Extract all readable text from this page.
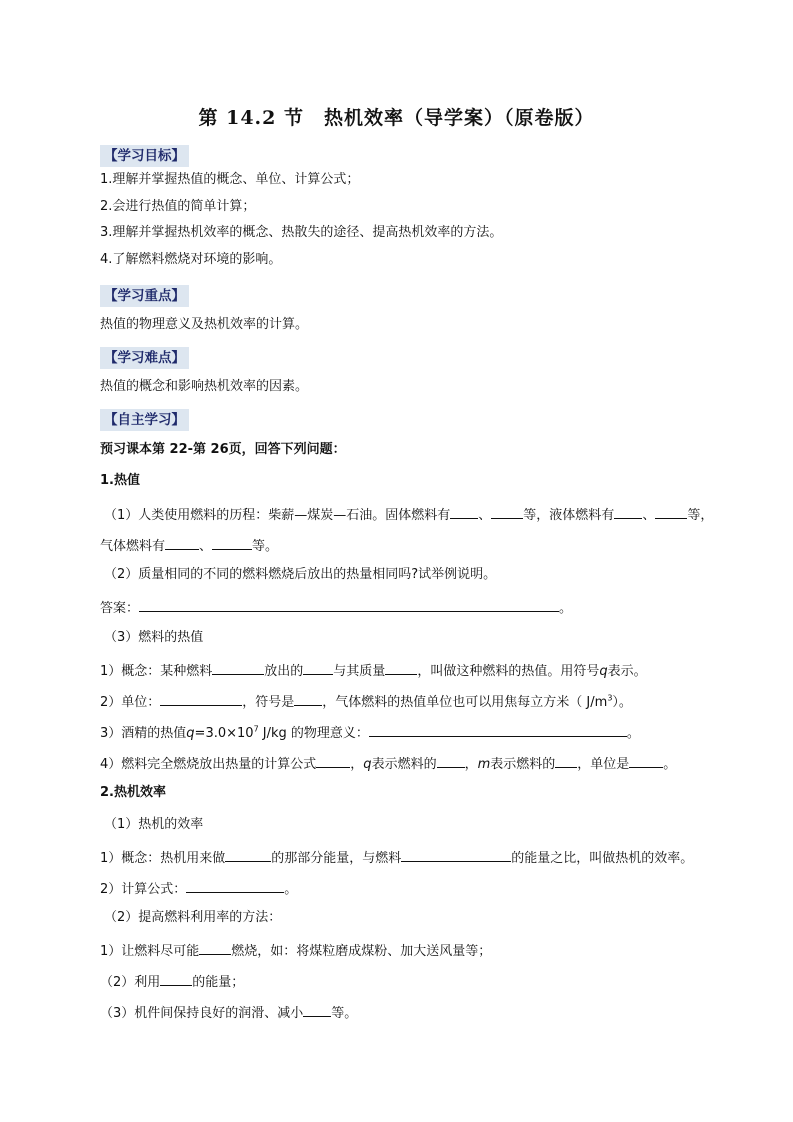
第 14.2 节　热机效率（导学案）（原卷版）
【学习目标】
1.理解并掌握热值的概念、单位、计算公式；
2.会进行热值的简单计算；
3.理解并掌握热机效率的概念、热散失的途径、提高热机效率的方法。
4.了解燃料燃烧对环境的影响。
【学习重点】
热值的物理意义及热机效率的计算。
【学习难点】
热值的概念和影响热机效率的因素。
【自主学习】
预习课本第 22-第 26页，回答下列问题：
1.热值
（1）人类使用燃料的历程：柴薪—煤炭—石油。固体燃料有 、 等，液体燃料有 、 等，
气体燃料有	、	等。
（2）质量相同的不同的燃料燃烧后放出的热量相同吗?试举例说明。
答案：	。
（3）燃料的热值
1）概念：某种燃料	放出的 与其质量 ，叫做这种燃料的热值。用符号q表示。
2）单位：	，符号是 ，气体燃料的热值单位也可以用焦每立方米（ $J/m^3$）。
3）酒精的热值$q=3.0\times 10^7$ J/kg 的物理意义：	。
4）燃料完全燃烧放出热量的计算公式	，q表示燃料的 ，m表示燃料的 ，单位是	。
2.热机效率
（1）热机的效率
1）概念：热机用来做	的那部分能量，与燃料	的能量之比，叫做热机的效率。
2）计算公式：	。
（2）提高燃料利用率的方法：
1）让燃料尽可能 燃烧，如：将煤粒磨成煤粉、加大送风量等；
（2）利用 的能量；
（3）机件间保持良好的润滑、减小 等。
